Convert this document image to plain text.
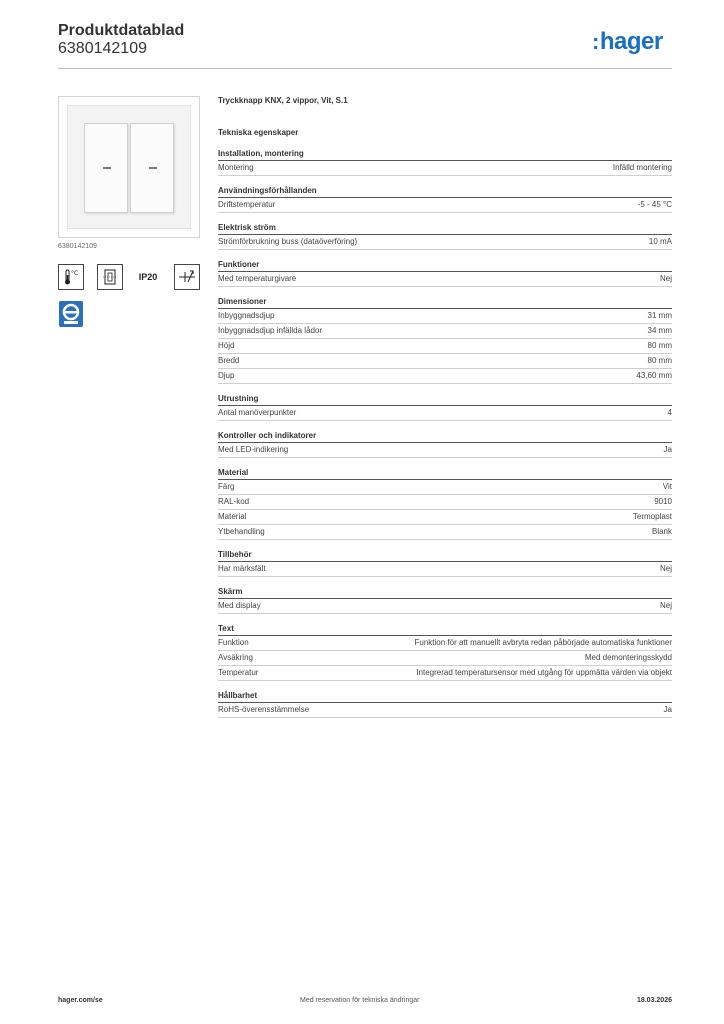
Produktdatablad
6380142109	:hager
6380142109
°C	IP20
Tryckknapp KNX, 2 vippor, Vit, S.1
Tekniska egenskaper
Installation, montering
Montering	Infälld montering
Användningsförhållanden
Driftstemperatur	-5 - 45 °C
Elektrisk ström
Strömförbrukning buss (dataöverföring)	10 mA
Funktioner
Med temperaturgivare	Nej
Dimensioner
Inbyggnadsdjup	31 mm
Inbyggnadsdjup infällda lådor	34 mm
Höjd	80 mm
Bredd	80 mm
Djup	43,60 mm
Utrustning
Antal manöverpunkter	4
Kontroller och indikatorer
Med LED-indikering	Ja
Material
Färg	Vit
RAL-kod	9010
Material	Termoplast
Ytbehandling	Blank
Tillbehör
Har märksfält	Nej
Skärm
Med display	Nej
Text
Funktion	Funktion för att manuellt avbryta redan påbörjade automatiska funktioner
Avsäkring	Med demonteringsskydd
Temperatur	Integrerad temperatursensor med utgång för uppmätta värden via objekt
Hållbarhet
RoHS-överensstämmelse	Ja
hager.com/se	Med reservation för tekniska ändringar	18.03.2026
